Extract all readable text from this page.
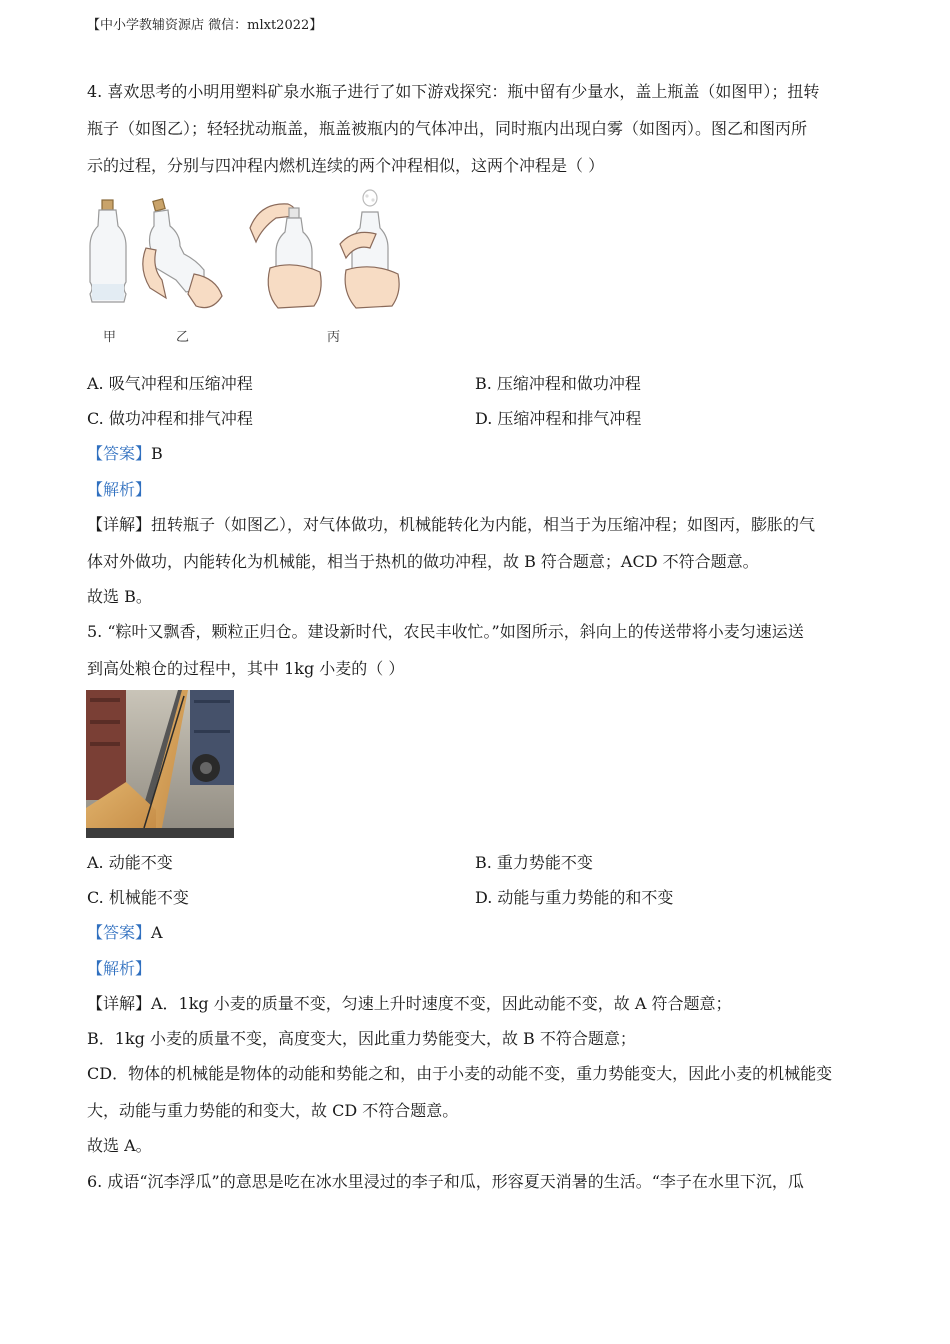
【中小学教辅资源店 微信：mlxt2022】
4. 喜欢思考的小明用塑料矿泉水瓶子进行了如下游戏探究：瓶中留有少量水，盖上瓶盖（如图甲）；扭转
瓶子（如图乙）；轻轻扰动瓶盖，瓶盖被瓶内的气体冲出，同时瓶内出现白雾（如图丙）。图乙和图丙所
示的过程，分别与四冲程内燃机连续的两个冲程相似，这两个冲程是（ ）
甲	乙	丙
A. 吸气冲程和压缩冲程	B. 压缩冲程和做功冲程
C. 做功冲程和排气冲程	D. 压缩冲程和排气冲程
【答案】B
【解析】
【详解】扭转瓶子（如图乙），对气体做功，机械能转化为内能，相当于为压缩冲程；如图丙，膨胀的气
体对外做功，内能转化为机械能，相当于热机的做功冲程，故 B 符合题意；ACD 不符合题意。
故选 B。
5. “粽叶又飘香，颗粒正归仓。建设新时代，农民丰收忙。”如图所示，斜向上的传送带将小麦匀速运送
到高处粮仓的过程中，其中 1kg 小麦的（ ）
A. 动能不变	B. 重力势能不变
C. 机械能不变	D. 动能与重力势能的和不变
【答案】A
【解析】
【详解】A．1kg 小麦的质量不变，匀速上升时速度不变，因此动能不变，故 A 符合题意；
B．1kg 小麦的质量不变，高度变大，因此重力势能变大，故 B 不符合题意；
CD．物体的机械能是物体的动能和势能之和，由于小麦的动能不变，重力势能变大，因此小麦的机械能变
大，动能与重力势能的和变大，故 CD 不符合题意。
故选 A。
6. 成语“沉李浮瓜”的意思是吃在冰水里浸过的李子和瓜，形容夏天消暑的生活。“李子在水里下沉，瓜
